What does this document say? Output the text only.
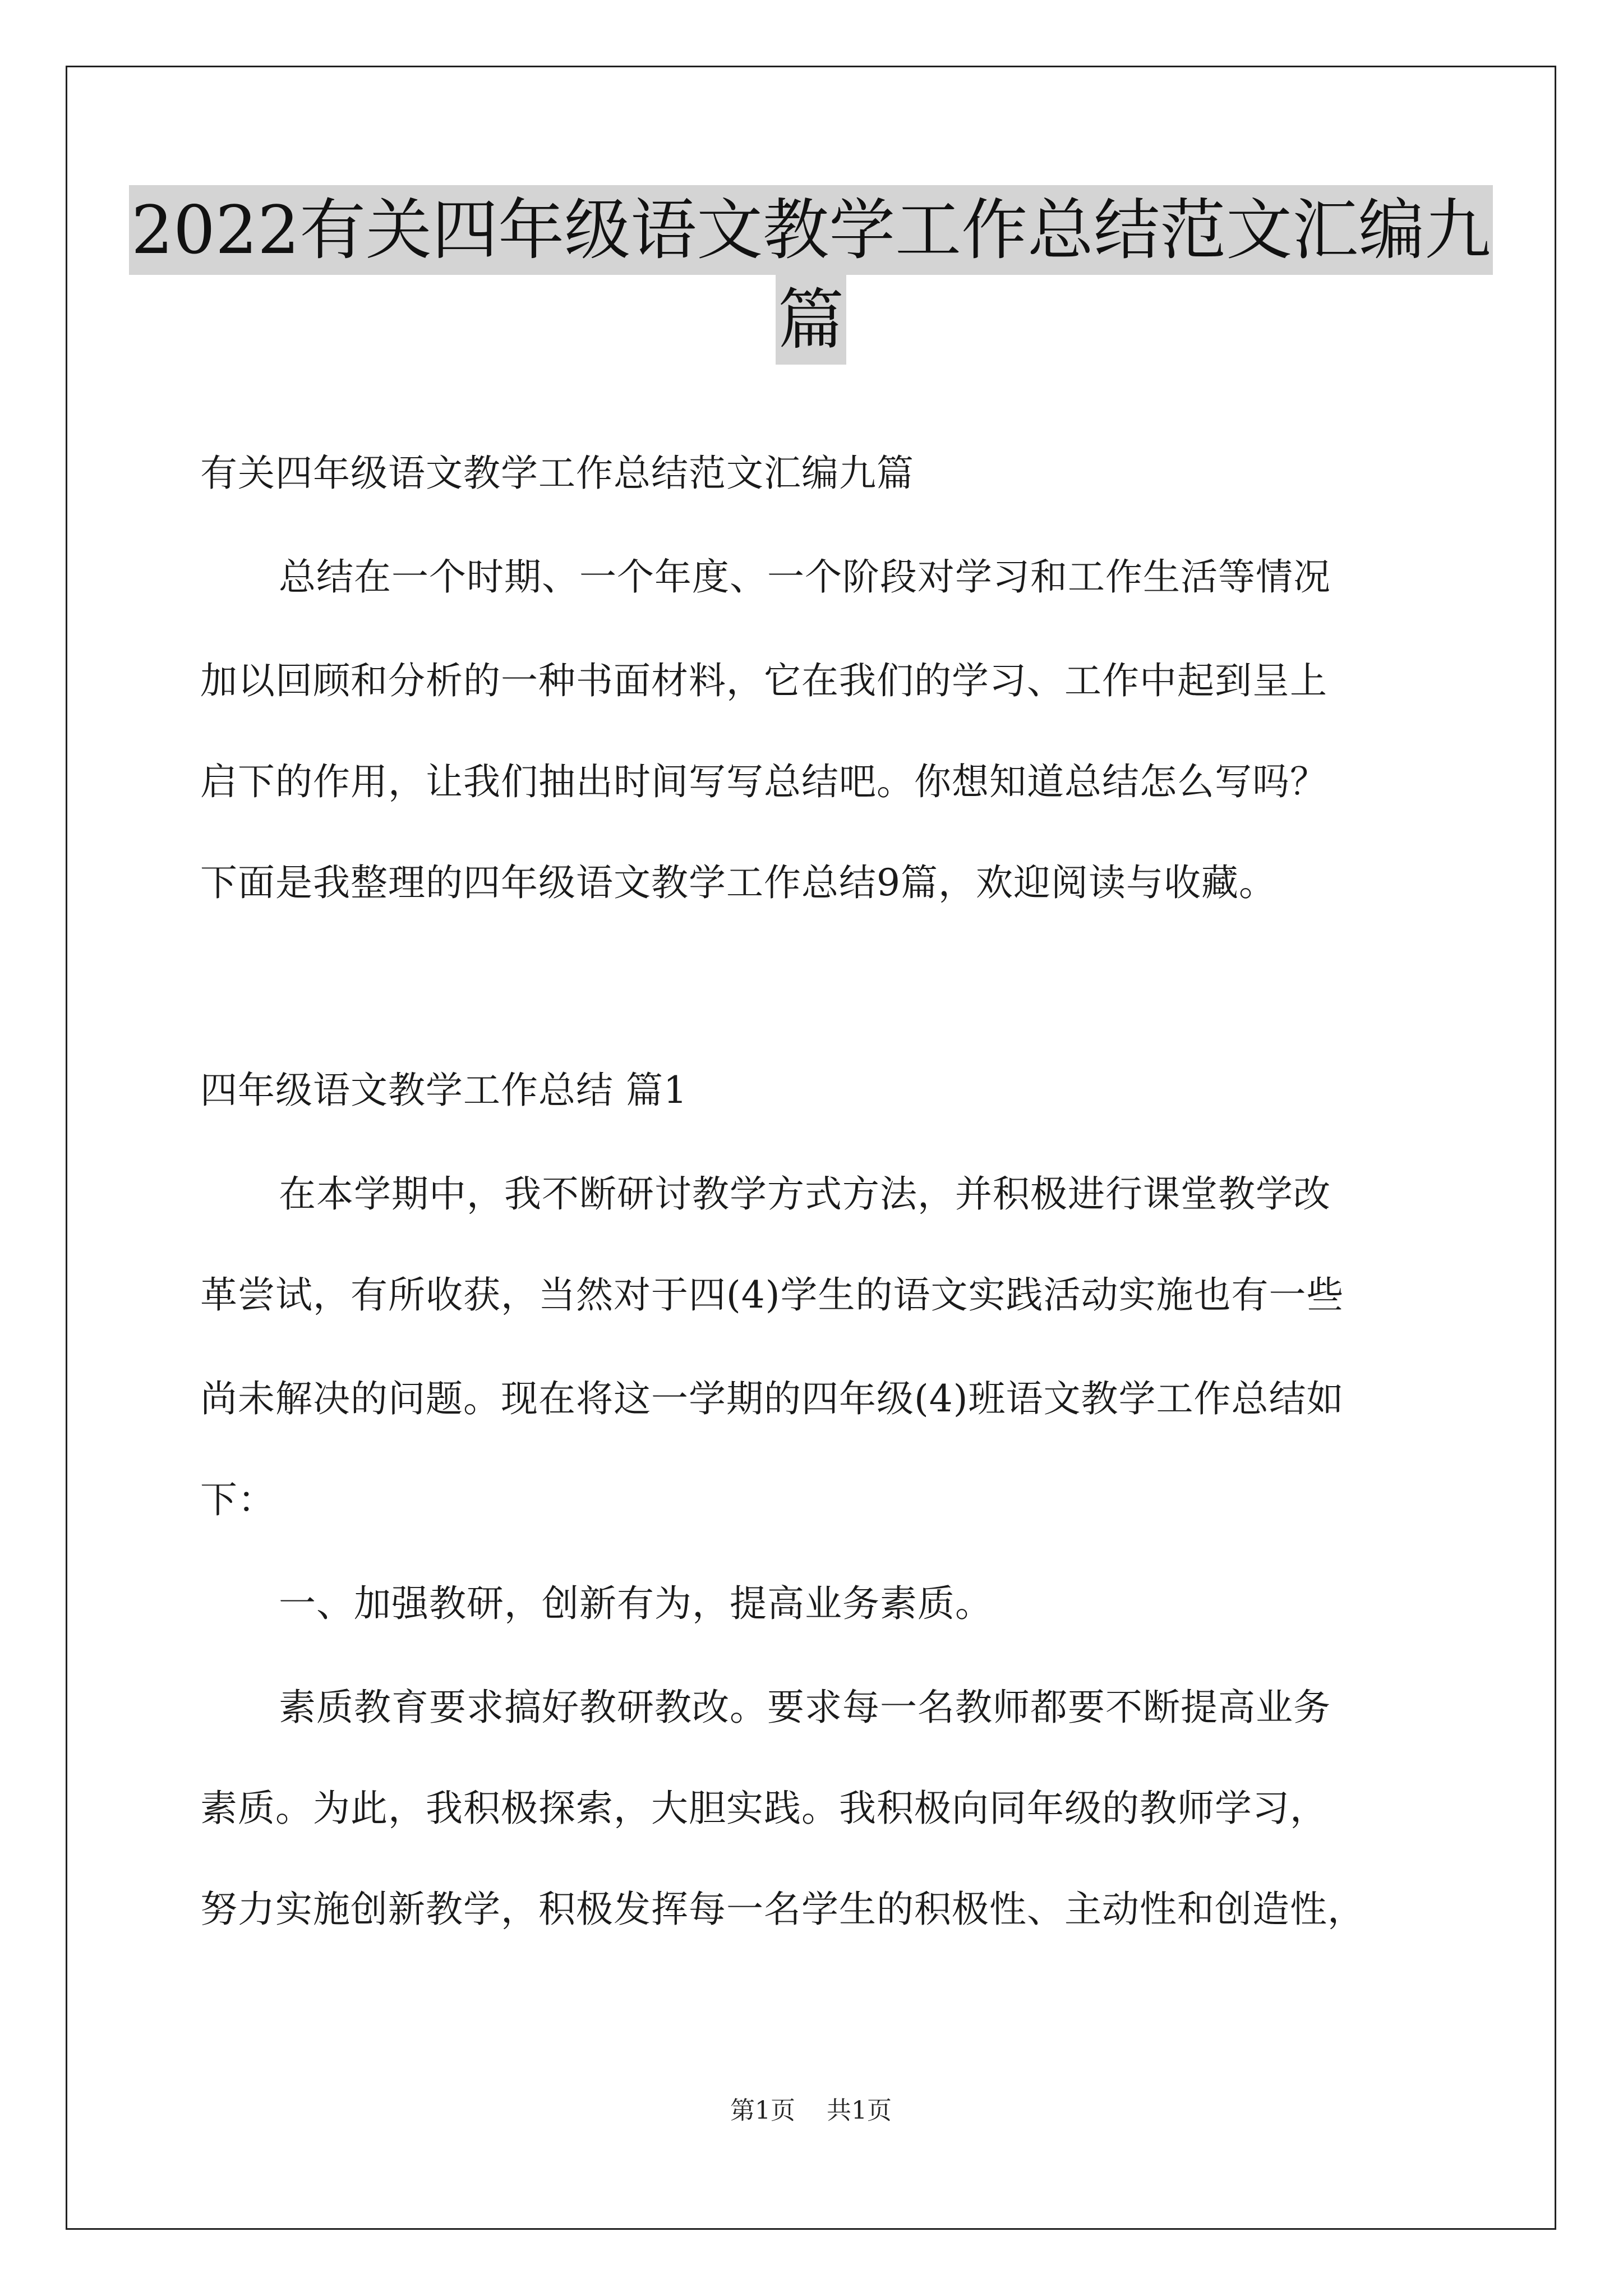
2022有关四年级语文教学工作总结范文汇编九
篇
有关四年级语文教学工作总结范文汇编九篇
总结在一个时期、一个年度、一个阶段对学习和工作生活等情况
加以回顾和分析的一种书面材料，它在我们的学习、工作中起到呈上
启下的作用，让我们抽出时间写写总结吧。你想知道总结怎么写吗？
下面是我整理的四年级语文教学工作总结9篇，欢迎阅读与收藏。
四年级语文教学工作总结 篇1
在本学期中，我不断研讨教学方式方法，并积极进行课堂教学改
革尝试，有所收获，当然对于四(4)学生的语文实践活动实施也有一些
尚未解决的问题。现在将这一学期的四年级(4)班语文教学工作总结如
下：
一、加强教研，创新有为，提高业务素质。
素质教育要求搞好教研教改。要求每一名教师都要不断提高业务
素质。为此，我积极探索，大胆实践。我积极向同年级的教师学习，
努力实施创新教学，积极发挥每一名学生的积极性、主动性和创造性，
第1页    共1页
